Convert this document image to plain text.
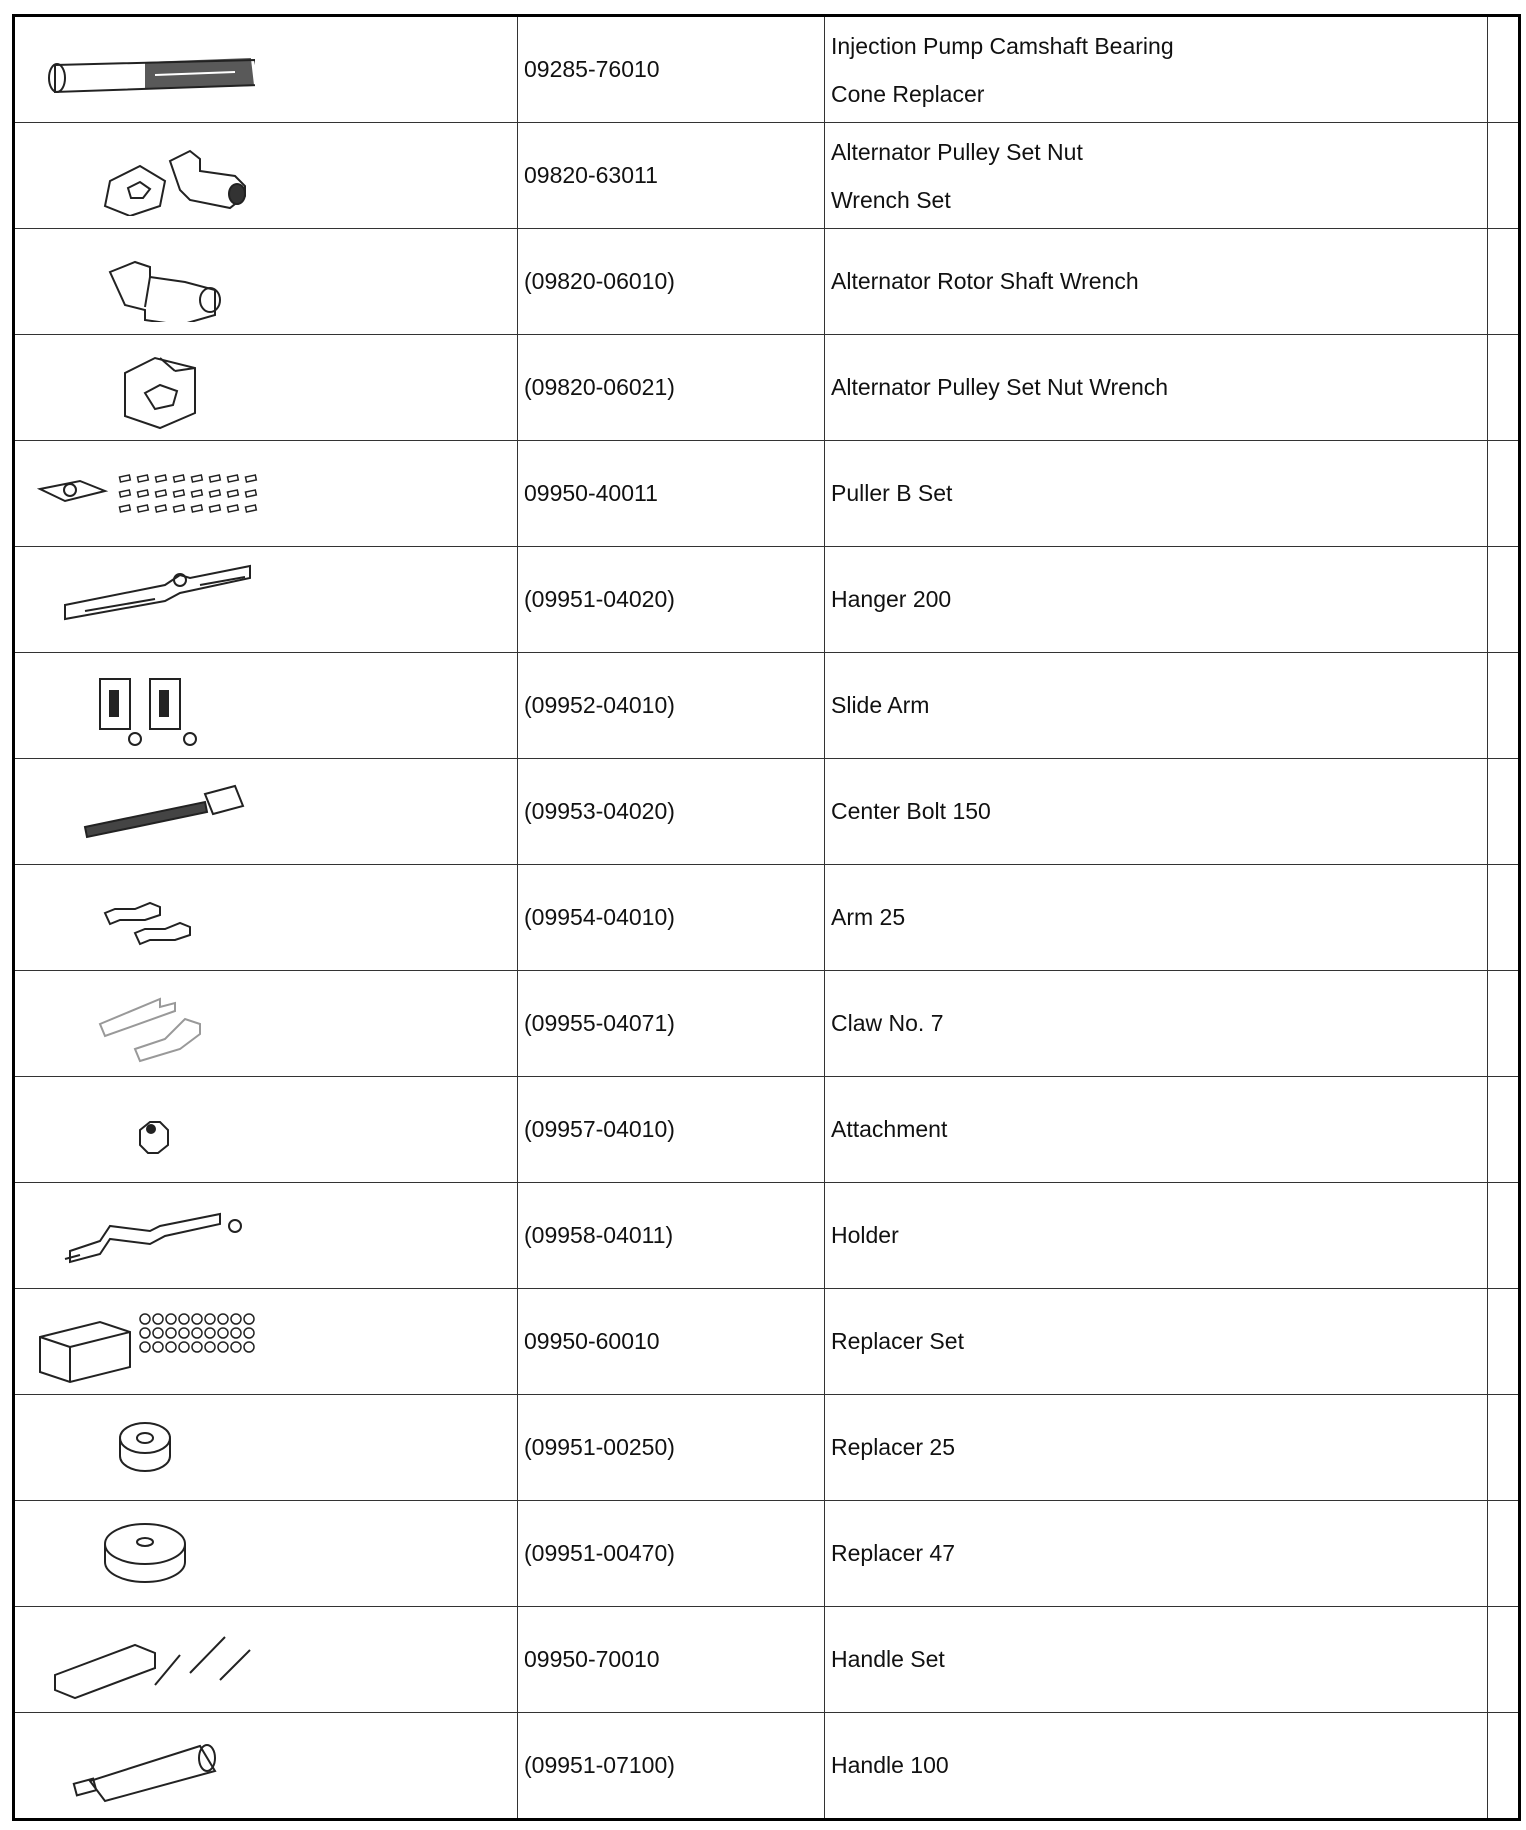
	09285-76010	Injection Pump Camshaft Bearing
Cone Replacer	

	09820-63011	Alternator Pulley Set Nut
Wrench Set	

	(09820-06010)	Alternator Rotor Shaft Wrench	

	(09820-06021)	Alternator Pulley Set Nut Wrench	

	09950-40011	Puller B Set	

	(09951-04020)	Hanger 200	

	(09952-04010)	Slide Arm	

	(09953-04020)	Center Bolt 150	

	(09954-04010)	Arm 25	

	(09955-04071)	Claw No. 7	

	(09957-04010)	Attachment	

	(09958-04011)	Holder	

	09950-60010	Replacer Set	

	(09951-00250)	Replacer 25	

	(09951-00470)	Replacer 47	

	09950-70010	Handle Set	

	(09951-07100)	Handle 100	
